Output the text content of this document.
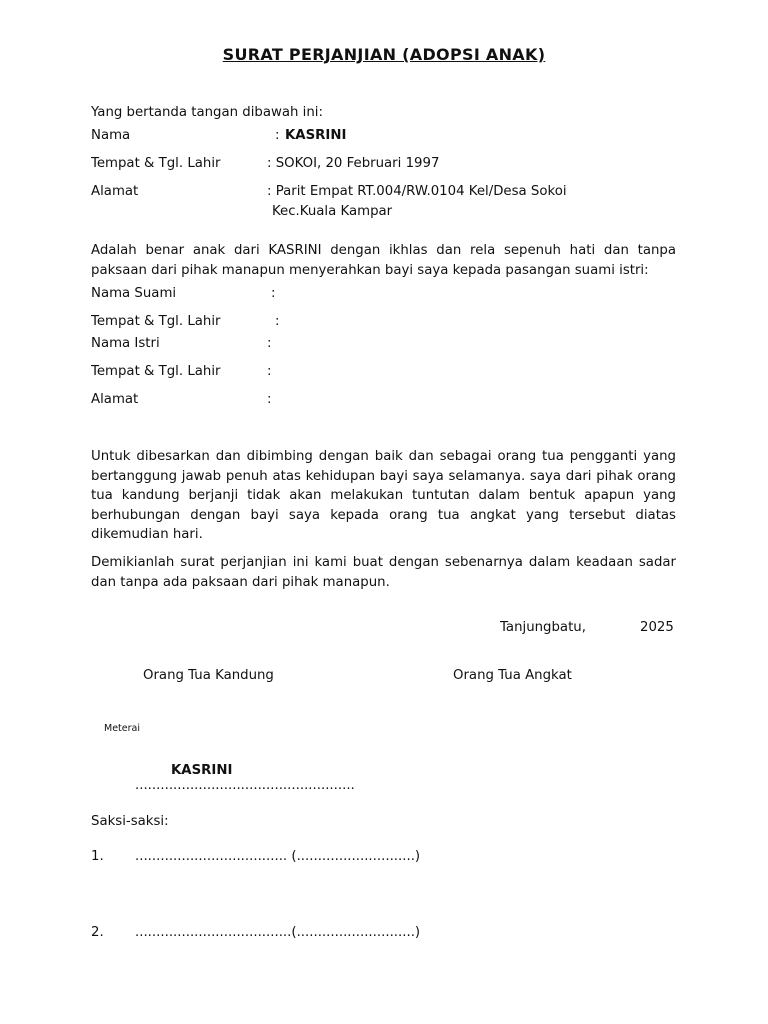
SURAT PERJANJIAN (ADOPSI ANAK)
Yang bertanda tangan dibawah ini:
Nama	: KASRINI
Tempat & Tgl. Lahir	: SOKOI, 20 Februari 1997
Alamat	: Parit Empat RT.004/RW.0104 Kel/Desa Sokoi
Kec.Kuala Kampar
Adalah benar anak dari KASRINI dengan ikhlas dan rela sepenuh hati dan tanpa paksaan dari pihak manapun menyerahkan bayi saya kepada pasangan suami istri:
Nama Suami	:
Tempat & Tgl. Lahir	:
Nama Istri	:
Tempat & Tgl. Lahir	:
Alamat	:
Untuk dibesarkan dan dibimbing dengan baik dan sebagai orang tua pengganti yang bertanggung jawab penuh atas kehidupan bayi saya selamanya. saya dari pihak orang tua kandung berjanji tidak akan melakukan tuntutan dalam bentuk apapun yang berhubungan dengan bayi saya kepada orang tua angkat yang tersebut diatas dikemudian hari.
Demikianlah surat perjanjian ini kami buat dengan sebenarnya dalam keadaan sadar dan tanpa ada paksaan dari pihak manapun.
Tanjungbatu,	2025
Orang Tua Kandung	Orang Tua Angkat
Meterai
KASRINI
....................................................
Saksi-saksi:
1. .................................... (............................)
2. .....................................(............................)
